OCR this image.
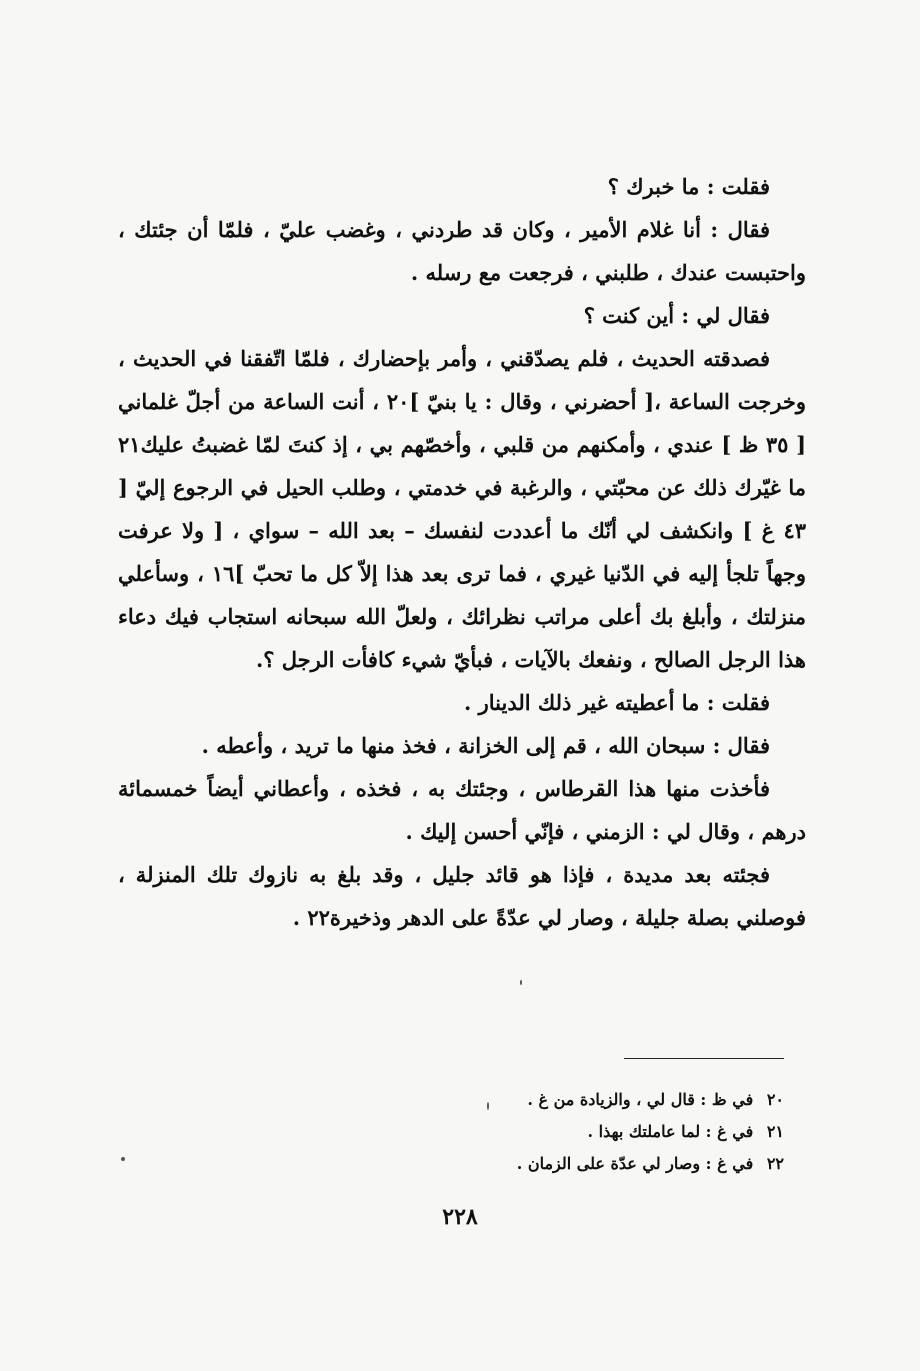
فقلت : ما خبرك ؟

فقال : أنا غلام الأمير ، وكان قد طردني ، وغضب عليّ ، فلمّا أن جئتك ، واحتبست عندك ، طلبني ، فرجعت مع رسله .

فقال لي : أين كنت ؟

فصدقته الحديث ، فلم يصدّقني ، وأمر بإحضارك ، فلمّا اتّفقنا في الحديث ، وخرجت الساعة ،[ أحضرني ، وقال : يا بنيّ ]٢٠ ، أنت الساعة من أجلّ غلماني [ ٣٥ ظ ] عندي ، وأمكنهم من قلبي ، وأخصّهم بي ، إذ كنتَ لمّا غضبتُ عليك٢١ ما غيّرك ذلك عن محبّتي ، والرغبة في خدمتي ، وطلب الحيل في الرجوع إليّ [ ٤٣ غ ] وانكشف لي أنّك ما أعددت لنفسك – بعد الله – سواي ، [ ولا عرفت وجهاً تلجأ إليه في الدّنيا غيري ، فما ترى بعد هذا إلاّ كل ما تحبّ ]١٦ ، وسأعلي منزلتك ، وأبلغ بك أعلى مراتب نظرائك ، ولعلّ الله سبحانه استجاب فيك دعاء هذا الرجل الصالح ، ونفعك بالآيات ، فبأيّ شيء كافأت الرجل ؟.

فقلت : ما أعطيته غير ذلك الدينار .

فقال : سبحان الله ، قم إلى الخزانة ، فخذ منها ما تريد ، وأعطه .

فأخذت منها هذا القرطاس ، وجئتك به ، فخذه ، وأعطاني أيضاً خمسمائة درهم ، وقال لي : الزمني ، فإنّي أحسن إليك .

فجئته بعد مديدة ، فإذا هو قائد جليل ، وقد بلغ به نازوك تلك المنزلة ، فوصلني بصلة جليلة ، وصار لي عدّةً على الدهر وذخيرة٢٢ .

٢٠ في ظ : قال لي ، والزيادة من غ .

٢١ في غ : لما عاملتك بهذا .

٢٢ في غ : وصار لي عدّة على الزمان .

٢٢٨
